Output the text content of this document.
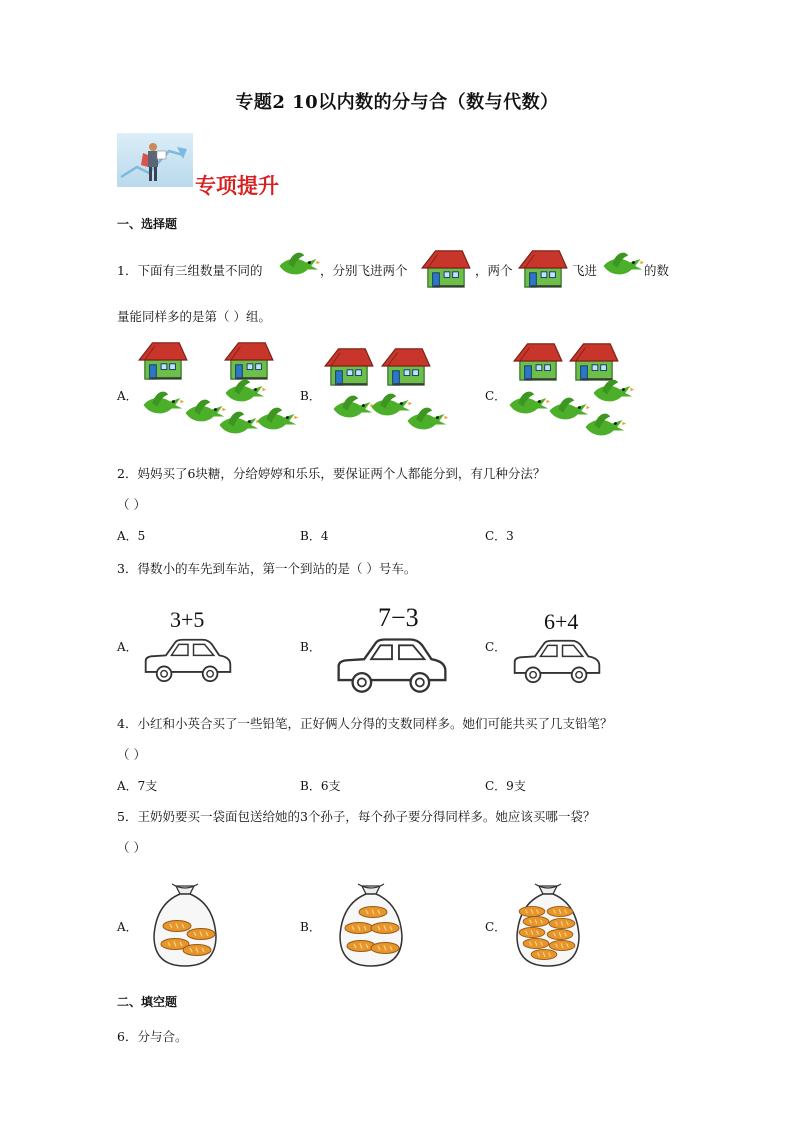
专题2 10以内数的分与合（数与代数）
专项提升
一、选择题
1．下面有三组数量不同的	，分别飞进两个	，两个	飞进	的数
量能同样多的是第（ ）组。
A．	B．	C．
2．妈妈买了6块糖，分给婷婷和乐乐，要保证两个人都能分到，有几种分法？
（ ）
A．5	B．4	C．3
3．得数小的车先到车站，第一个到站的是（ ）号车。
A．
3+5
B．
7−3
C．
6+4
4．小红和小英合买了一些铅笔，正好俩人分得的支数同样多。她们可能共买了几支铅笔？
（ ）
A．7支	B．6支	C．9支
5．王奶奶要买一袋面包送给她的3个孙子，每个孙子要分得同样多。她应该买哪一袋？
（ ）
A．	B．	C．
二、填空题
6．分与合。
